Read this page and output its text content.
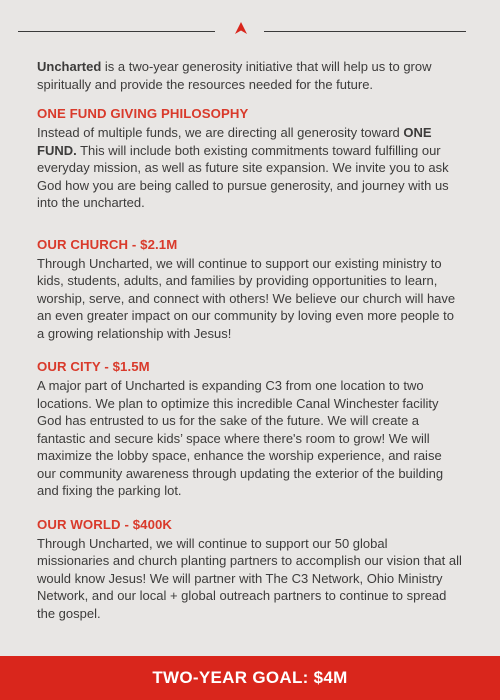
Uncharted is a two-year generosity initiative that will help us to grow spiritually and provide the resources needed for the future.

ONE FUND GIVING PHILOSOPHY

Instead of multiple funds, we are directing all generosity toward ONE FUND. This will include both existing commitments toward fulfilling our everyday mission, as well as future site expansion. We invite you to ask God how you are being called to pursue generosity, and journey with us into the uncharted.

OUR CHURCH - $2.1M

Through Uncharted, we will continue to support our existing ministry to kids, students, adults, and families by providing opportunities to learn, worship, serve, and connect with others! We believe our church will have an even greater impact on our community by loving even more people to a growing relationship with Jesus!

OUR CITY - $1.5M

A major part of Uncharted is expanding C3 from one location to two locations. We plan to optimize this incredible Canal Winchester facility God has entrusted to us for the sake of the future. We will create a fantastic and secure kids’ space where there's room to grow! We will maximize the lobby space, enhance the worship experience, and raise our community awareness through updating the exterior of the building and fixing the parking lot.

OUR WORLD - $400K

Through Uncharted, we will continue to support our 50 global missionaries and church planting partners to accomplish our vision that all would know Jesus! We will partner with The C3 Network, Ohio Ministry Network, and our local + global outreach partners to continue to spread the gospel.

TWO-YEAR GOAL: $4M
